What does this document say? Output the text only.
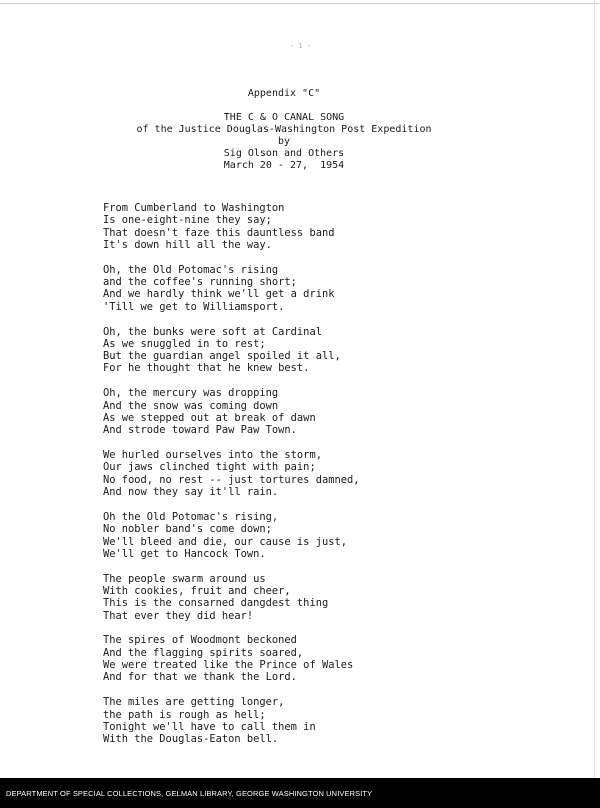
- 1 -
Appendix "C"
THE C & O CANAL SONG
of the Justice Douglas-Washington Post Expedition
by
Sig Olson and Others
March 20 - 27,  1954
From Cumberland to Washington
Is one-eight-nine they say;
That doesn't faze this dauntless band
It's down hill all the way.
Oh, the Old Potomac's rising
and the coffee's running short;
And we hardly think we'll get a drink
'Till we get to Williamsport.
Oh, the bunks were soft at Cardinal
As we snuggled in to rest;
But the guardian angel spoiled it all,
For he thought that he knew best.
Oh, the mercury was dropping
And the snow was coming down
As we stepped out at break of dawn
And strode toward Paw Paw Town.
We hurled ourselves into the storm,
Our jaws clinched tight with pain;
No food, no rest -- just tortures damned,
And now they say it'll rain.
Oh the Old Potomac's rising,
No nobler band's come down;
We'll bleed and die, our cause is just,
We'll get to Hancock Town.
The people swarm around us
With cookies, fruit and cheer,
This is the consarned dangdest thing
That ever they did hear!
The spires of Woodmont beckoned
And the flagging spirits soared,
We were treated like the Prince of Wales
And for that we thank the Lord.
The miles are getting longer,
the path is rough as hell;
Tonight we'll have to call them in
With the Douglas-Eaton bell.
DEPARTMENT OF SPECIAL COLLECTIONS, GELMAN LIBRARY, GEORGE WASHINGTON UNIVERSITY
